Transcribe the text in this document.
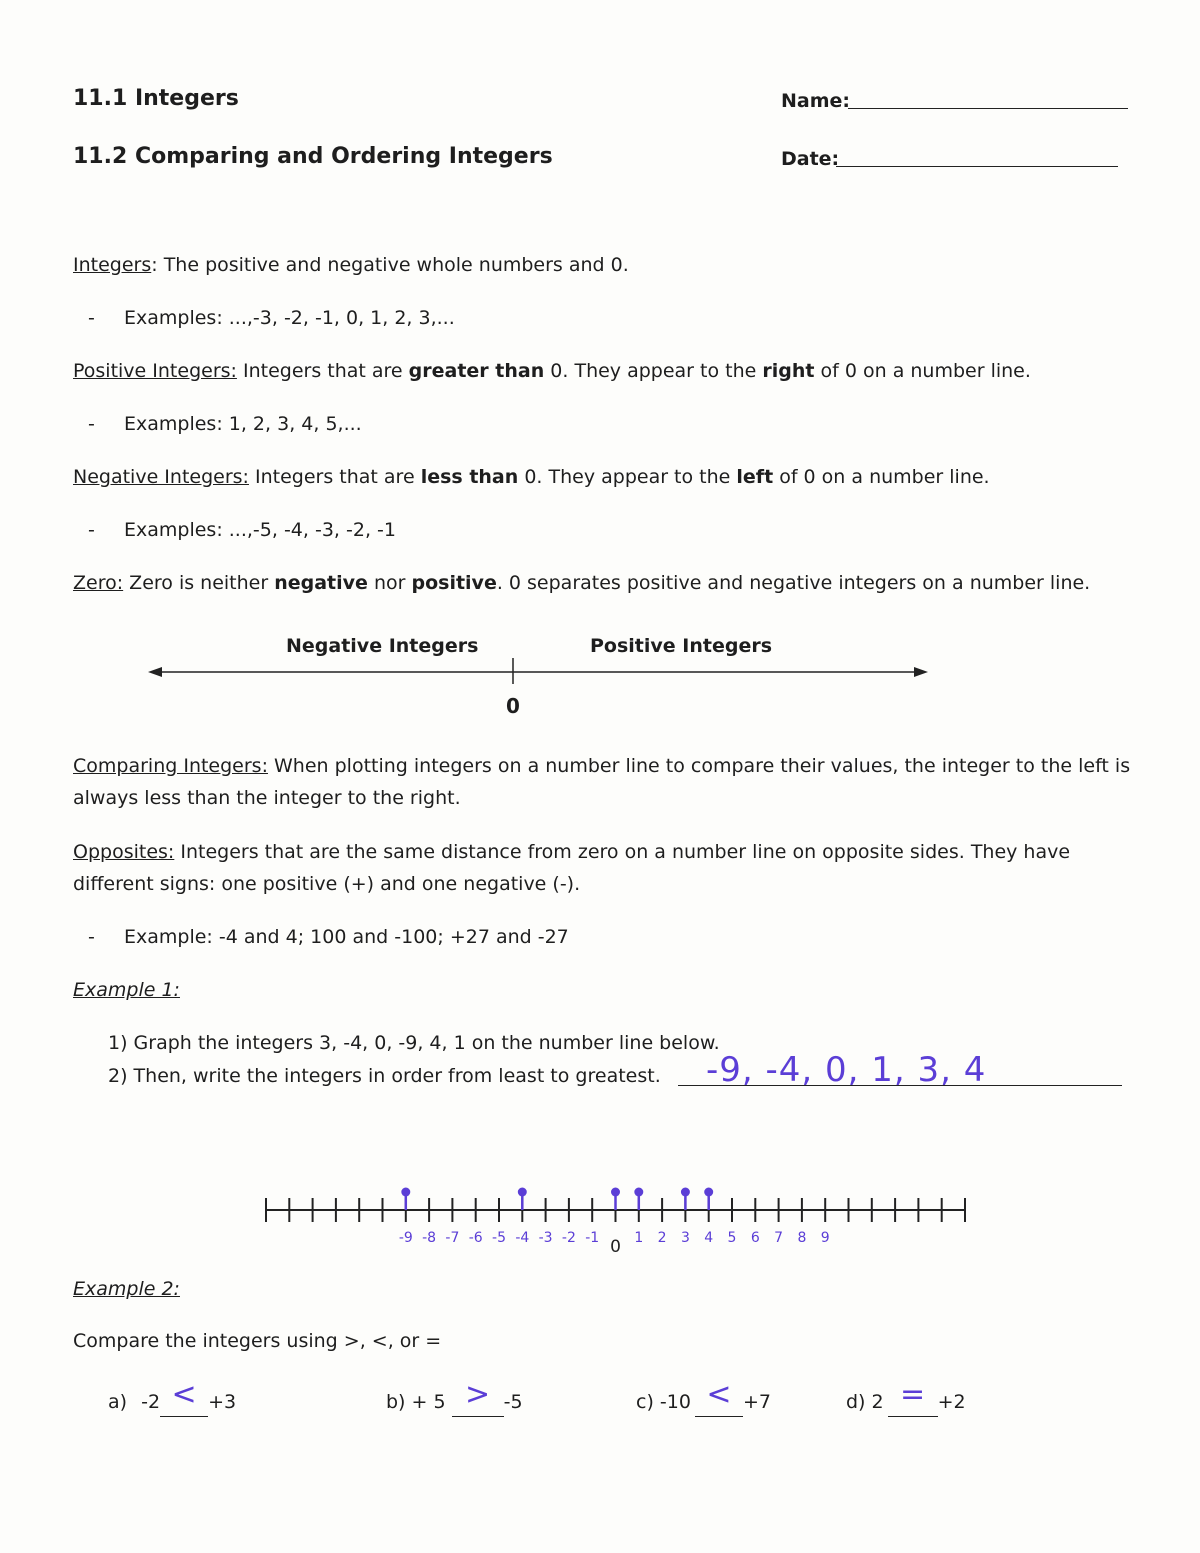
11.1 Integers
11.2 Comparing and Ordering Integers
Name:
Date:
Integers: The positive and negative whole numbers and 0.
- Examples: ...,-3, -2, -1, 0, 1, 2, 3,...
Positive Integers: Integers that are greater than 0. They appear to the right of 0 on a number line.
- Examples: 1, 2, 3, 4, 5,...
Negative Integers: Integers that are less than 0. They appear to the left of 0 on a number line.
- Examples: ...,-5, -4, -3, -2, -1
Zero: Zero is neither negative nor positive. 0 separates positive and negative integers on a number line.
Negative Integers	Positive Integers
0
Comparing Integers: When plotting integers on a number line to compare their values, the integer to the left is
always less than the integer to the right.
Opposites: Integers that are the same distance from zero on a number line on opposite sides. They have
different signs: one positive (+) and one negative (-).
- Example: -4 and 4; 100 and -100; +27 and -27
Example 1:
1) Graph the integers 3, -4, 0, -9, 4, 1 on the number line below.
2) Then, write the integers in order from least to greatest. -9, -4, 0, 1, 3, 4
-9 -8 -7 -6 -5 -4 -3 -2 -1 0 1 2 3 4 5 6 7 8 9
Example 2:
Compare the integers using >, <, or =
a) -2 < +3	b) + 5 > -5	c) -10 < +7	d) 2 = +2
